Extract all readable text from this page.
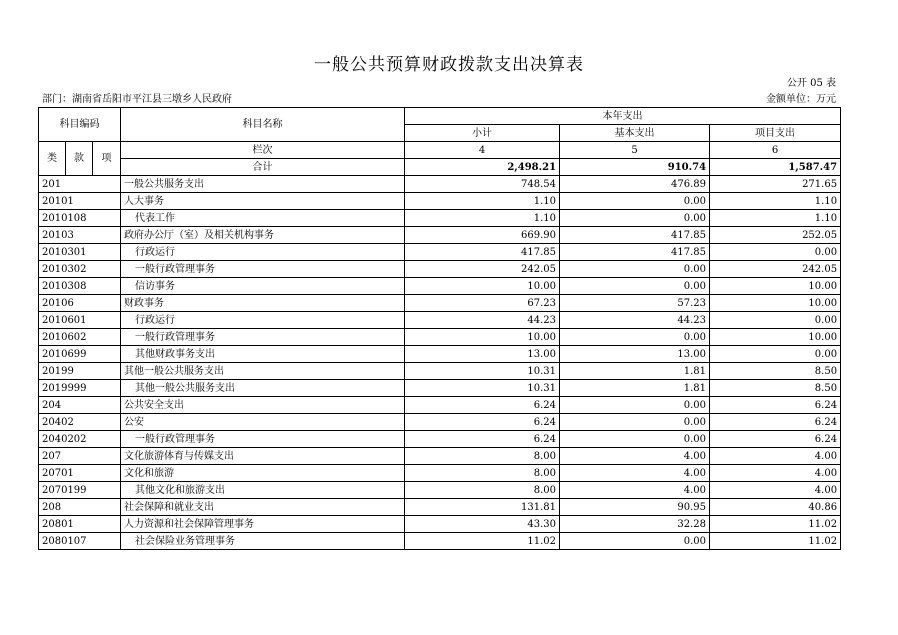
一般公共预算财政拨款支出决算表
公开 05 表
部门：湖南省岳阳市平江县三墩乡人民政府	金额单位：万元
科目编码			科目名称	本年支出		
				小计	基本支出	项目支出
类	款	项	栏次	4	5	6
			合计	2,498.21	910.74	1,587.47
201			一般公共服务支出	748.54	476.89	271.65
20101			人大事务	1.10	0.00	1.10
2010108			代表工作	1.10	0.00	1.10
20103			政府办公厅（室）及相关机构事务	669.90	417.85	252.05
2010301			行政运行	417.85	417.85	0.00
2010302			一般行政管理事务	242.05	0.00	242.05
2010308			信访事务	10.00	0.00	10.00
20106			财政事务	67.23	57.23	10.00
2010601			行政运行	44.23	44.23	0.00
2010602			一般行政管理事务	10.00	0.00	10.00
2010699			其他财政事务支出	13.00	13.00	0.00
20199			其他一般公共服务支出	10.31	1.81	8.50
2019999			其他一般公共服务支出	10.31	1.81	8.50
204			公共安全支出	6.24	0.00	6.24
20402			公安	6.24	0.00	6.24
2040202			一般行政管理事务	6.24	0.00	6.24
207			文化旅游体育与传媒支出	8.00	4.00	4.00
20701			文化和旅游	8.00	4.00	4.00
2070199			其他文化和旅游支出	8.00	4.00	4.00
208			社会保障和就业支出	131.81	90.95	40.86
20801			人力资源和社会保障管理事务	43.30	32.28	11.02
2080107			社会保险业务管理事务	11.02	0.00	11.02
